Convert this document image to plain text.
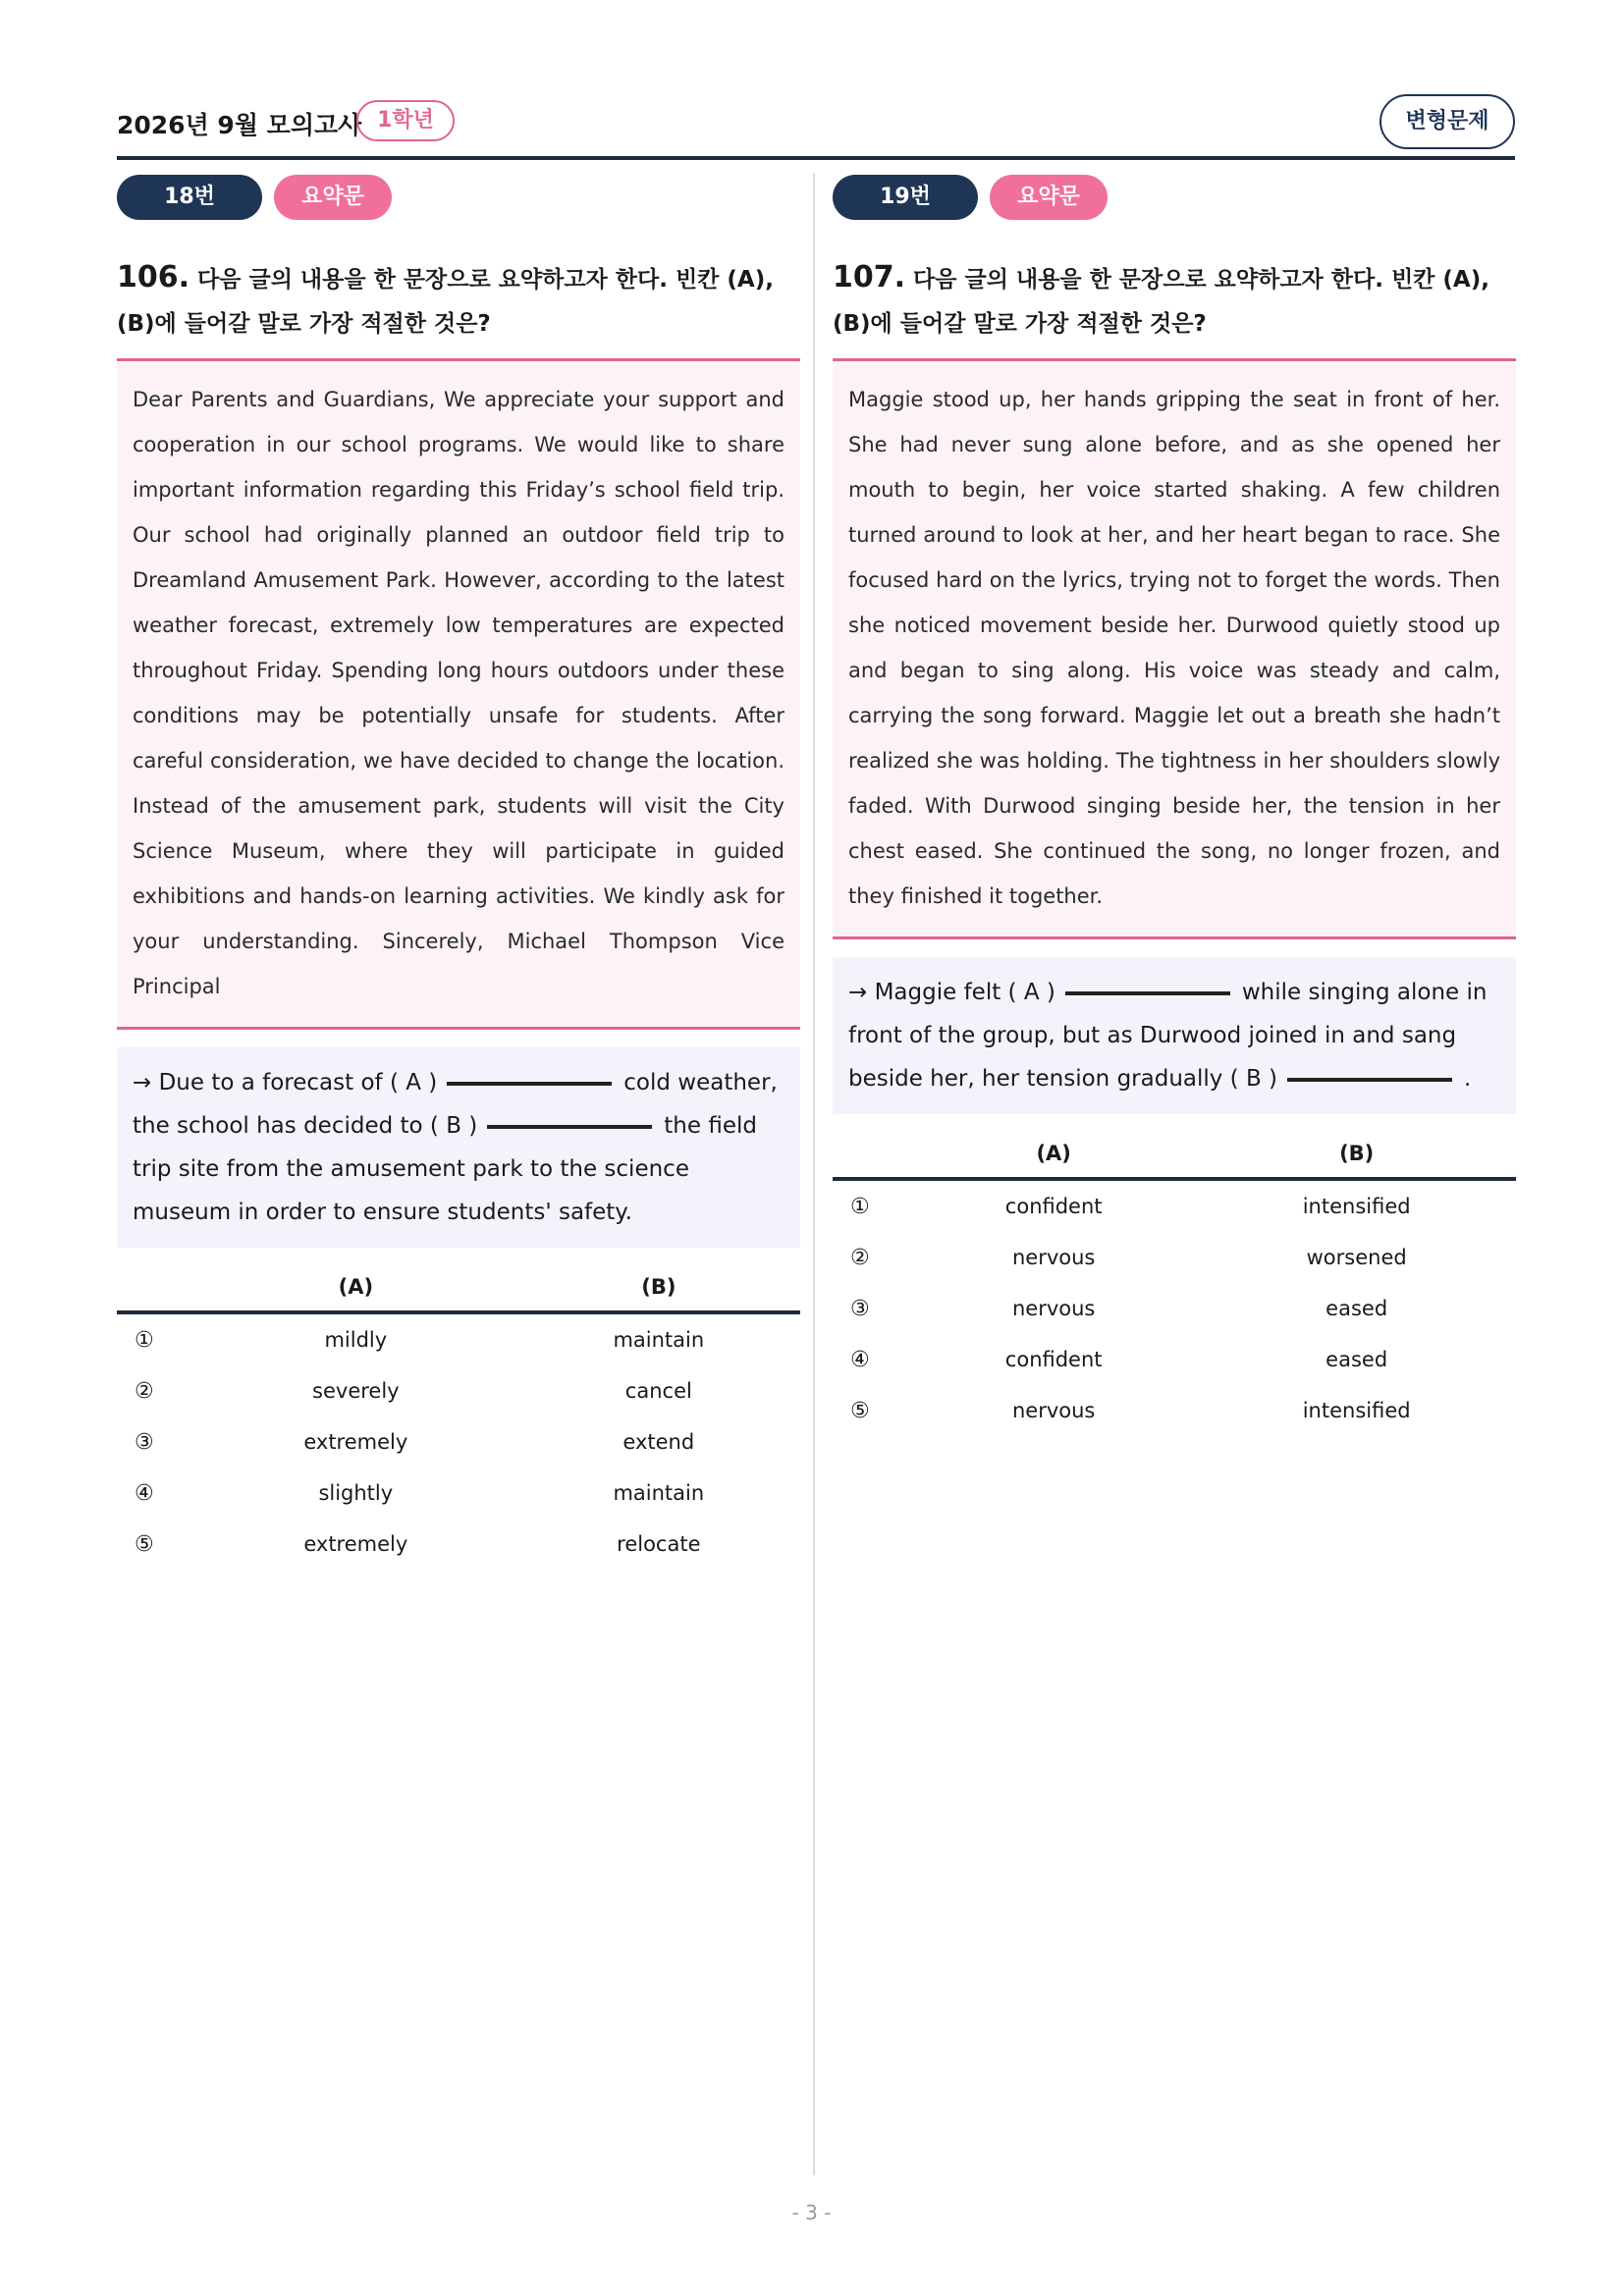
2026년 9월 모의고사 1학년	변형문제
18번	요약문
106. 다음 글의 내용을 한 문장으로 요약하고자 한다. 빈칸 (A), (B)에 들어갈 말로 가장 적절한 것은?
Dear Parents and Guardians, We appreciate your support and cooperation in our school programs. We would like to share important information regarding this Friday’s school field trip. Our school had originally planned an outdoor field trip to Dreamland Amusement Park. However, according to the latest weather forecast, extremely low temperatures are expected throughout Friday. Spending long hours outdoors under these conditions may be potentially unsafe for students. After careful consideration, we have decided to change the location. Instead of the amusement park, students will visit the City Science Museum, where they will participate in guided exhibitions and hands-on learning activities. We kindly ask for your understanding. Sincerely, Michael Thompson Vice Principal
→ Due to a forecast of ( A )	cold weather, the school has decided to ( B )	the field trip site from the amusement park to the science museum in order to ensure students' safety.
	(A)	(B)
①	mildly	maintain
②	severely	cancel
③	extremely	extend
④	slightly	maintain
⑤	extremely	relocate
19번	요약문
107. 다음 글의 내용을 한 문장으로 요약하고자 한다. 빈칸 (A), (B)에 들어갈 말로 가장 적절한 것은?
Maggie stood up, her hands gripping the seat in front of her. She had never sung alone before, and as she opened her mouth to begin, her voice started shaking. A few children turned around to look at her, and her heart began to race. She focused hard on the lyrics, trying not to forget the words. Then she noticed movement beside her. Durwood quietly stood up and began to sing along. His voice was steady and calm, carrying the song forward. Maggie let out a breath she hadn’t realized she was holding. The tightness in her shoulders slowly faded. With Durwood singing beside her, the tension in her chest eased. She continued the song, no longer frozen, and they finished it together.
→ Maggie felt ( A )	while singing alone in front of the group, but as Durwood joined in and sang beside her, her tension gradually ( B )	.
	(A)	(B)
①	confident	intensified
②	nervous	worsened
③	nervous	eased
④	confident	eased
⑤	nervous	intensified
- 3 -
